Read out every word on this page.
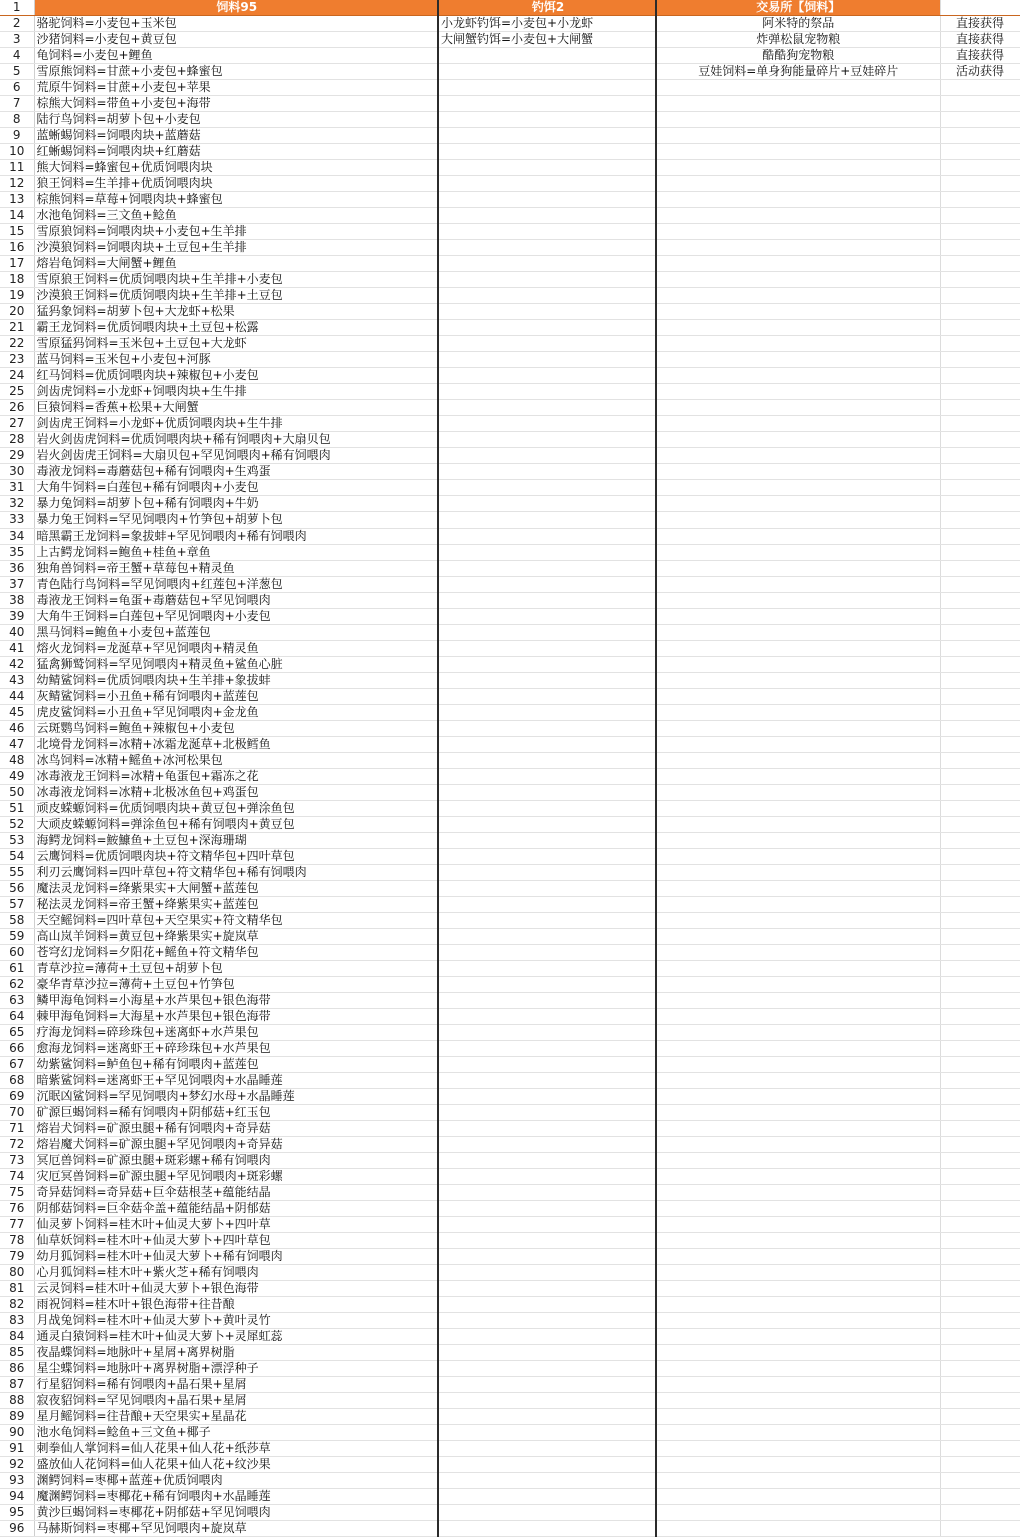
1	饲料95	钓饵2	交易所【饲料】	
2	骆驼饲料=小麦包+玉米包	小龙虾钓饵=小麦包+小龙虾	阿米特的祭品	直接获得
3	沙猪饲料=小麦包+黄豆包	大闸蟹钓饵=小麦包+大闸蟹	炸弹松鼠宠物粮	直接获得
4	龟饲料=小麦包+鲤鱼		酷酷狗宠物粮	直接获得
5	雪原熊饲料=甘蔗+小麦包+蜂蜜包		豆娃饲料=单身狗能量碎片+豆娃碎片	活动获得
6	荒原牛饲料=甘蔗+小麦包+苹果			
7	棕熊大饲料=带鱼+小麦包+海带			
8	陆行鸟饲料=胡萝卜包+小麦包			
9	蓝蜥蜴饲料=饲喂肉块+蓝蘑菇			
10	红蜥蜴饲料=饲喂肉块+红蘑菇			
11	熊大饲料=蜂蜜包+优质饲喂肉块			
12	狼王饲料=生羊排+优质饲喂肉块			
13	棕熊饲料=草莓+饲喂肉块+蜂蜜包			
14	水池龟饲料=三文鱼+鲶鱼			
15	雪原狼饲料=饲喂肉块+小麦包+生羊排			
16	沙漠狼饲料=饲喂肉块+土豆包+生羊排			
17	熔岩龟饲料=大闸蟹+鲤鱼			
18	雪原狼王饲料=优质饲喂肉块+生羊排+小麦包			
19	沙漠狼王饲料=优质饲喂肉块+生羊排+土豆包			
20	猛犸象饲料=胡萝卜包+大龙虾+松果			
21	霸王龙饲料=优质饲喂肉块+土豆包+松露			
22	雪原猛犸饲料=玉米包+土豆包+大龙虾			
23	蓝马饲料=玉米包+小麦包+河豚			
24	红马饲料=优质饲喂肉块+辣椒包+小麦包			
25	剑齿虎饲料=小龙虾+饲喂肉块+生牛排			
26	巨猿饲料=香蕉+松果+大闸蟹			
27	剑齿虎王饲料=小龙虾+优质饲喂肉块+生牛排			
28	岩火剑齿虎饲料=优质饲喂肉块+稀有饲喂肉+大扇贝包			
29	岩火剑齿虎王饲料=大扇贝包+罕见饲喂肉+稀有饲喂肉			
30	毒液龙饲料=毒蘑菇包+稀有饲喂肉+生鸡蛋			
31	大角牛饲料=白莲包+稀有饲喂肉+小麦包			
32	暴力兔饲料=胡萝卜包+稀有饲喂肉+牛奶			
33	暴力兔王饲料=罕见饲喂肉+竹笋包+胡萝卜包			
34	暗黑霸王龙饲料=象拔蚌+罕见饲喂肉+稀有饲喂肉			
35	上古鳄龙饲料=鲍鱼+桂鱼+章鱼			
36	独角兽饲料=帝王蟹+草莓包+精灵鱼			
37	青色陆行鸟饲料=罕见饲喂肉+红莲包+洋葱包			
38	毒液龙王饲料=龟蛋+毒蘑菇包+罕见饲喂肉			
39	大角牛王饲料=白莲包+罕见饲喂肉+小麦包			
40	黑马饲料=鲍鱼+小麦包+蓝莲包			
41	熔火龙饲料=龙涎草+罕见饲喂肉+精灵鱼			
42	猛禽狮鹫饲料=罕见饲喂肉+精灵鱼+鲨鱼心脏			
43	幼鲭鲨饲料=优质饲喂肉块+生羊排+象拔蚌			
44	灰鲭鲨饲料=小丑鱼+稀有饲喂肉+蓝莲包			
45	虎皮鲨饲料=小丑鱼+罕见饲喂肉+金龙鱼			
46	云斑鹦鸟饲料=鲍鱼+辣椒包+小麦包			
47	北境骨龙饲料=冰精+冰霜龙涎草+北极鳕鱼			
48	冰鸟饲料=冰精+鳐鱼+冰河松果包			
49	冰毒液龙王饲料=冰精+龟蛋包+霜冻之花			
50	冰毒液龙饲料=冰精+北极冰鱼包+鸡蛋包			
51	顽皮蝾螈饲料=优质饲喂肉块+黄豆包+弹涂鱼包			
52	大顽皮蝾螈饲料=弹涂鱼包+稀有饲喂肉+黄豆包			
53	海鳄龙饲料=鮟鱇鱼+土豆包+深海珊瑚			
54	云鹰饲料=优质饲喂肉块+符文精华包+四叶草包			
55	利刃云鹰饲料=四叶草包+符文精华包+稀有饲喂肉			
56	魔法灵龙饲料=绛紫果实+大闸蟹+蓝莲包			
57	秘法灵龙饲料=帝王蟹+绛紫果实+蓝莲包			
58	天空鳐饲料=四叶草包+天空果实+符文精华包			
59	高山岚羊饲料=黄豆包+绛紫果实+旋岚草			
60	苍穹幻龙饲料=夕阳花+鳐鱼+符文精华包			
61	青草沙拉=薄荷+土豆包+胡萝卜包			
62	豪华青草沙拉=薄荷+土豆包+竹笋包			
63	鳞甲海龟饲料=小海星+水芦果包+银色海带			
64	棘甲海龟饲料=大海星+水芦果包+银色海带			
65	疗海龙饲料=碎珍珠包+迷离虾+水芦果包			
66	愈海龙饲料=迷离虾王+碎珍珠包+水芦果包			
67	幼紫鲨饲料=鲈鱼包+稀有饲喂肉+蓝莲包			
68	暗紫鲨饲料=迷离虾王+罕见饲喂肉+水晶睡莲			
69	沉眠凶鲨饲料=罕见饲喂肉+梦幻水母+水晶睡莲			
70	矿源巨蝎饲料=稀有饲喂肉+阴郁菇+红玉包			
71	熔岩犬饲料=矿源虫腿+稀有饲喂肉+奇异菇			
72	熔岩魔犬饲料=矿源虫腿+罕见饲喂肉+奇异菇			
73	冥厄兽饲料=矿源虫腿+斑彩螺+稀有饲喂肉			
74	灾厄冥兽饲料=矿源虫腿+罕见饲喂肉+斑彩螺			
75	奇异菇饲料=奇异菇+巨伞菇根茎+蕴能结晶			
76	阴郁菇饲料=巨伞菇伞盖+蕴能结晶+阴郁菇			
77	仙灵萝卜饲料=桂木叶+仙灵大萝卜+四叶草			
78	仙草妖饲料=桂木叶+仙灵大萝卜+四叶草包			
79	幼月狐饲料=桂木叶+仙灵大萝卜+稀有饲喂肉			
80	心月狐饲料=桂木叶+紫火芝+稀有饲喂肉			
81	云灵饲料=桂木叶+仙灵大萝卜+银色海带			
82	雨祝饲料=桂木叶+银色海带+往昔酿			
83	月战兔饲料=桂木叶+仙灵大萝卜+黄叶灵竹			
84	通灵白猿饲料=桂木叶+仙灵大萝卜+灵犀虹蕊			
85	夜晶蝶饲料=地脉叶+星屑+离界树脂			
86	星尘蝶饲料=地脉叶+离界树脂+漂浮种子			
87	行星貂饲料=稀有饲喂肉+晶石果+星屑			
88	寂夜貂饲料=罕见饲喂肉+晶石果+星屑			
89	星月鳐饲料=往昔酿+天空果实+星晶花			
90	池水龟饲料=鲶鱼+三文鱼+椰子			
91	刺拳仙人掌饲料=仙人花果+仙人花+纸莎草			
92	盛放仙人花饲料=仙人花果+仙人花+纹沙果			
93	渊鳄饲料=枣椰+蓝莲+优质饲喂肉			
94	魔渊鳄饲料=枣椰花+稀有饲喂肉+水晶睡莲			
95	黄沙巨蝎饲料=枣椰花+阴郁菇+罕见饲喂肉			
96	马赫斯饲料=枣椰+罕见饲喂肉+旋岚草			
